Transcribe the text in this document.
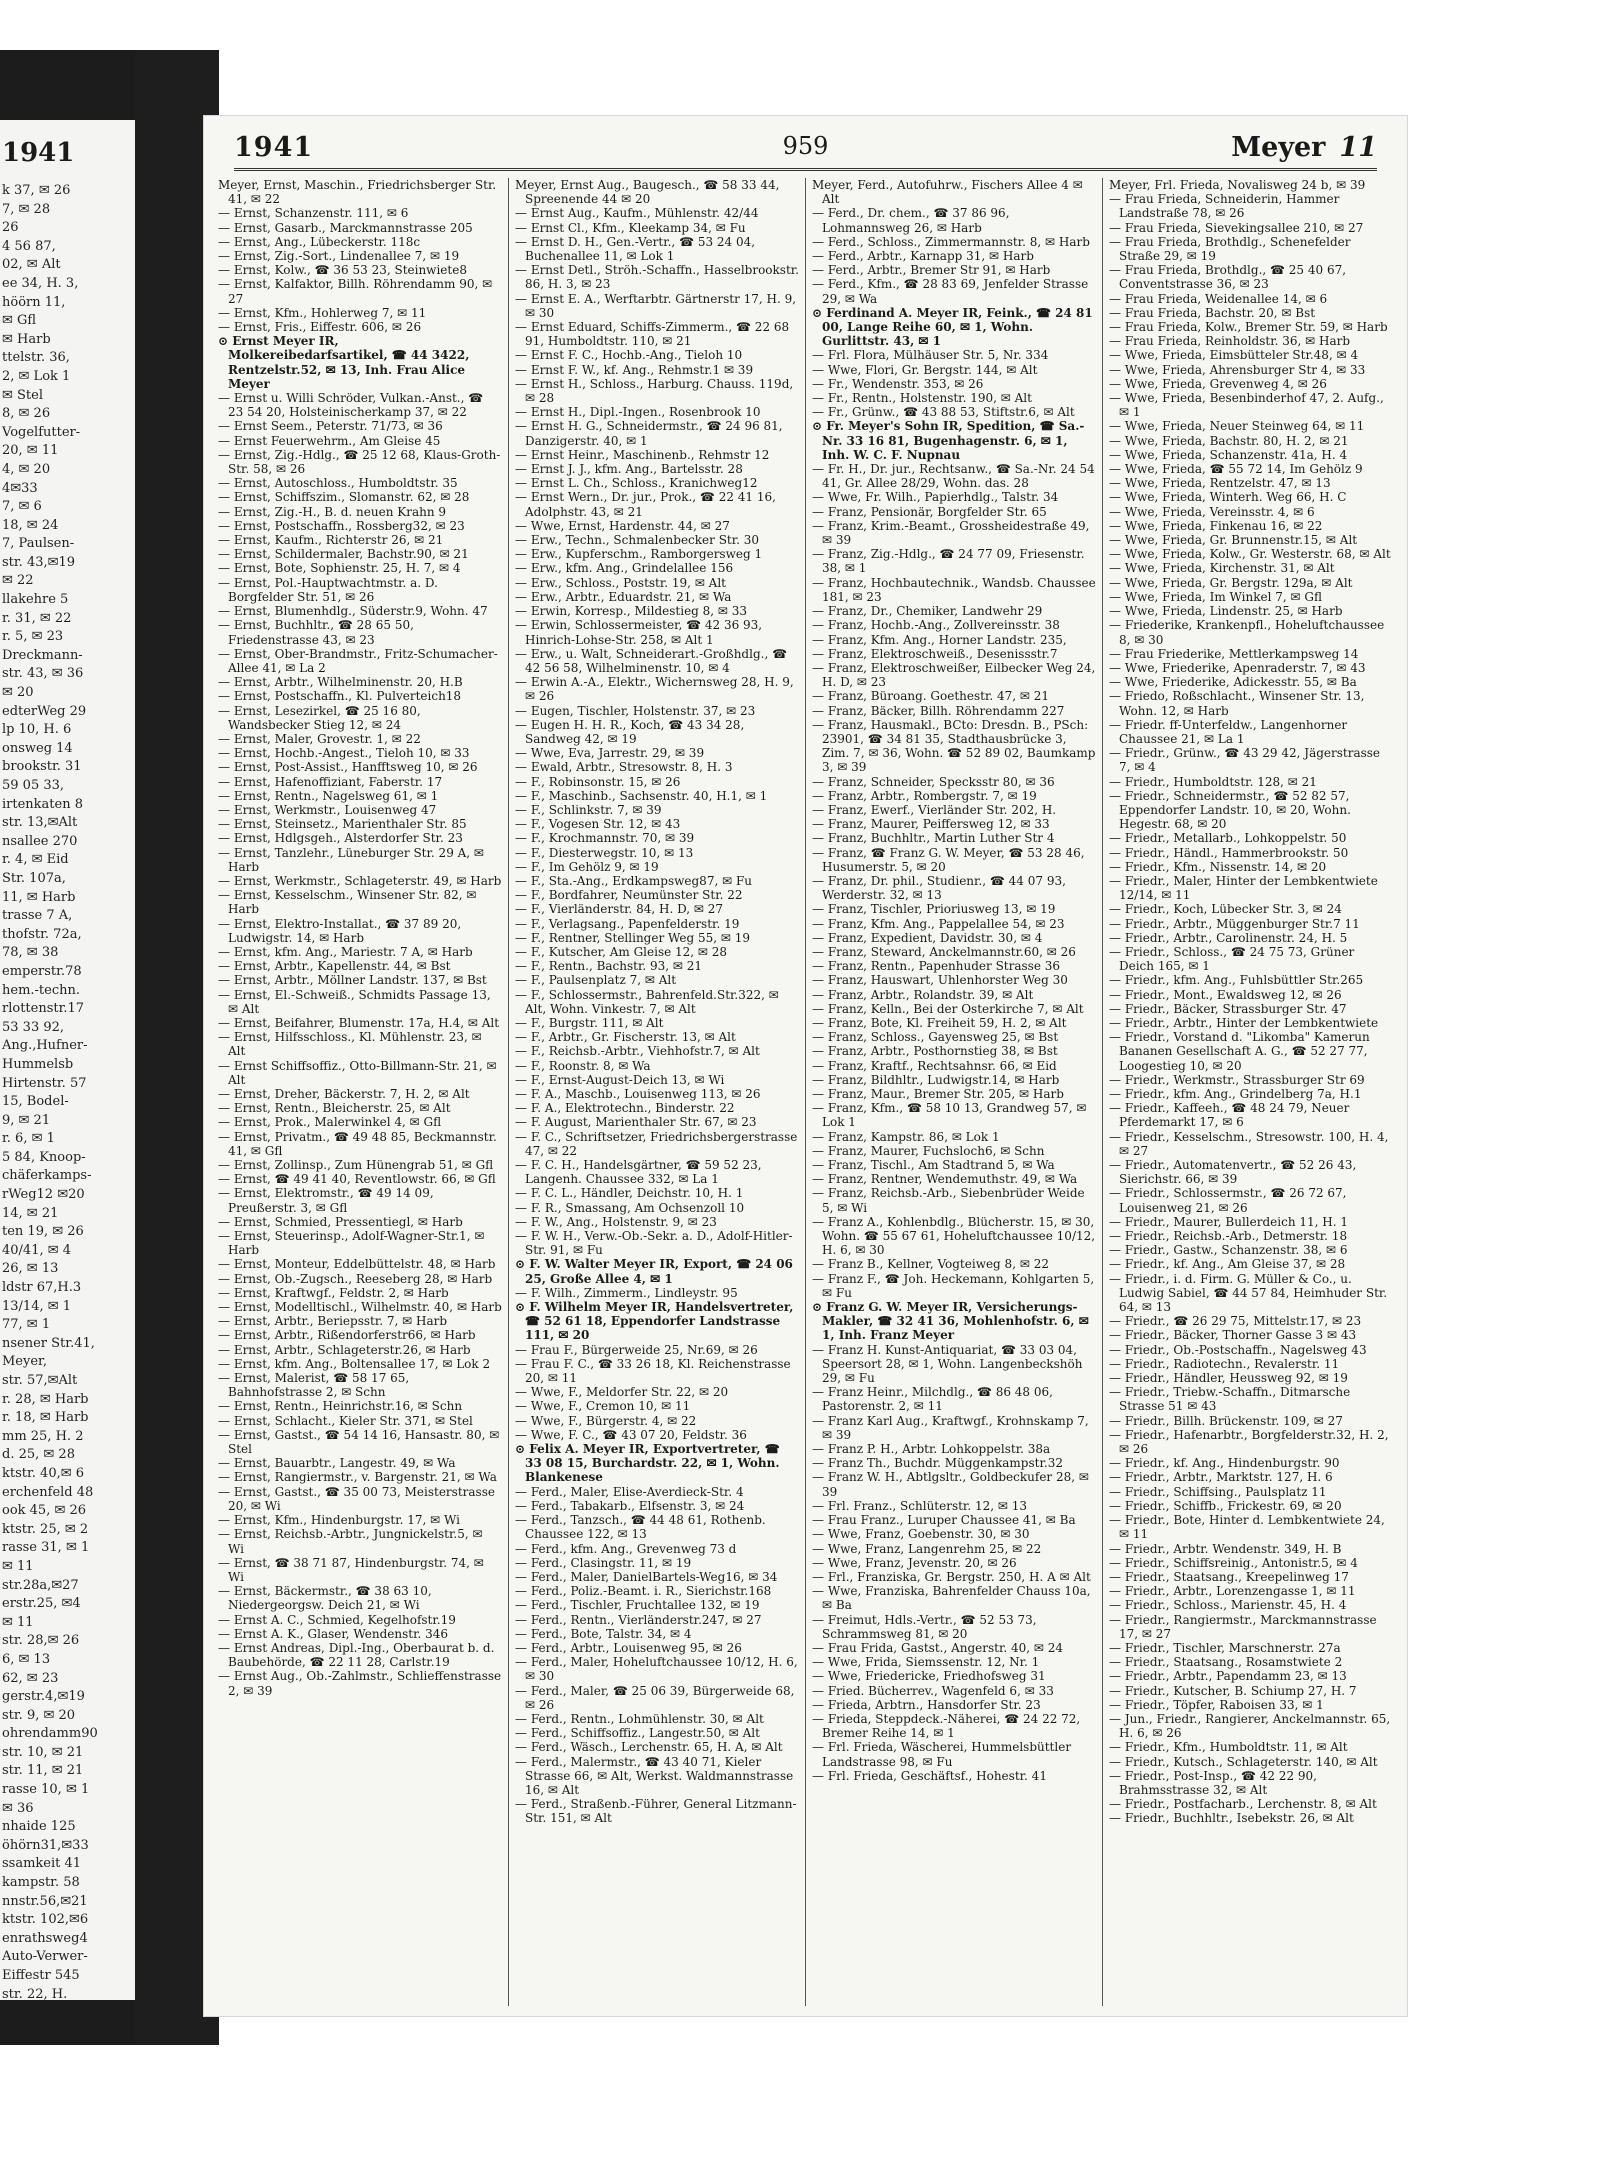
1941
k 37, ✉ 26
7, ✉ 28
26
4 56 87,
02, ✉ Alt
ee 34, H. 3,
höörn 11,
✉ Gfl
✉ Harb
ttelstr. 36,
2, ✉ Lok 1
✉ Stel
8, ✉ 26
Vogelfutter-
20, ✉ 11
4, ✉ 20
4✉33
7, ✉ 6
18, ✉ 24
7, Paulsen-
str. 43,✉19
✉ 22
llakehre 5
r. 31, ✉ 22
r. 5, ✉ 23
Dreckmann-
str. 43, ✉ 36
✉ 20
edterWeg 29
lp 10, H. 6
onsweg 14
brookstr. 31
59 05 33,
irtenkaten 8
str. 13,✉Alt
nsallee 270
r. 4, ✉ Eid
Str. 107a,
11, ✉ Harb
trasse 7 A,
thofstr. 72a,
78, ✉ 38
emperstr.78
hem.-techn.
rlottenstr.17
53 33 92,
Ang.,Hufner-
Hummelsb
Hirtenstr. 57
15, Bodel-
9, ✉ 21
r. 6, ✉ 1
5 84, Knoop-
chäferkamps-
rWeg12 ✉20
14, ✉ 21
ten 19, ✉ 26
40/41, ✉ 4
26, ✉ 13
ldstr 67,H.3
13/14, ✉ 1
77, ✉ 1
nsener Str.41,
Meyer,
str. 57,✉Alt
r. 28, ✉ Harb
r. 18, ✉ Harb
mm 25, H. 2
d. 25, ✉ 28
ktstr. 40,✉ 6
erchenfeld 48
ook 45, ✉ 26
ktstr. 25, ✉ 2
rasse 31, ✉ 1
✉ 11
str.28a,✉27
erstr.25, ✉4
✉ 11
str. 28,✉ 26
6, ✉ 13
62, ✉ 23
gerstr.4,✉19
str. 9, ✉ 20
ohrendamm90
str. 10, ✉ 21
str. 11, ✉ 21
rasse 10, ✉ 1
✉ 36
nhaide 125
öhörn31,✉33
ssamkeit 41
kampstr. 58
nnstr.56,✉21
ktstr. 102,✉6
enrathsweg4
Auto-Verwer-
Eiffestr 545
str. 22, H.
1941	959	Meyer 11

Meyer, Ernst, Maschin., Friedrichsberger Str. 41, ✉ 22

— Ernst, Schanzenstr. 111, ✉ 6

— Ernst, Gasarb., Marckmannstrasse 205

— Ernst, Ang., Lübeckerstr. 118c

— Ernst, Zig.-Sort., Lindenallee 7, ✉ 19

— Ernst, Kolw., ☎ 36 53 23, Steinwiete8

— Ernst, Kalfaktor, Billh. Röhrendamm 90, ✉ 27

— Ernst, Kfm., Hohlerweg 7, ✉ 11

— Ernst, Fris., Eiffestr. 606, ✉ 26

⊙ Ernst Meyer IR, Molkereibedarfsartikel, ☎ 44 3422, Rentzelstr.52, ✉ 13, Inh. Frau Alice Meyer

— Ernst u. Willi Schröder, Vulkan.-Anst., ☎ 23 54 20, Holsteinischerkamp 37, ✉ 22

— Ernst Seem., Peterstr. 71/73, ✉ 36

— Ernst Feuerwehrm., Am Gleise 45

— Ernst, Zig.-Hdlg., ☎ 25 12 68, Klaus-Groth-Str. 58, ✉ 26

— Ernst, Autoschloss., Humboldtstr. 35

— Ernst, Schiffszim., Slomanstr. 62, ✉ 28

— Ernst, Zig.-H., B. d. neuen Krahn 9

— Ernst, Postschaffn., Rossberg32, ✉ 23

— Ernst, Kaufm., Richterstr 26, ✉ 21

— Ernst, Schildermaler, Bachstr.90, ✉ 21

— Ernst, Bote, Sophienstr. 25, H. 7, ✉ 4

— Ernst, Pol.-Hauptwachtmstr. a. D. Borgfelder Str. 51, ✉ 26

— Ernst, Blumenhdlg., Süderstr.9, Wohn. 47

— Ernst, Buchhltr., ☎ 28 65 50, Friedenstrasse 43, ✉ 23

— Ernst, Ober-Brandmstr., Fritz-Schumacher-Allee 41, ✉ La 2

— Ernst, Arbtr., Wilhelminenstr. 20, H.B

— Ernst, Postschaffn., Kl. Pulverteich18

— Ernst, Lesezirkel, ☎ 25 16 80, Wandsbecker Stieg 12, ✉ 24

— Ernst, Maler, Grovestr. 1, ✉ 22

— Ernst, Hochb.-Angest., Tieloh 10, ✉ 33

— Ernst, Post-Assist., Hanfftsweg 10, ✉ 26

— Ernst, Hafenoffiziant, Faberstr. 17

— Ernst, Rentn., Nagelsweg 61, ✉ 1

— Ernst, Werkmstr., Louisenweg 47

— Ernst, Steinsetz., Marienthaler Str. 85

— Ernst, Hdlgsgeh., Alsterdorfer Str. 23

— Ernst, Tanzlehr., Lüneburger Str. 29 A, ✉ Harb

— Ernst, Werkmstr., Schlageterstr. 49, ✉ Harb

— Ernst, Kesselschm., Winsener Str. 82, ✉ Harb

— Ernst, Elektro-Installat., ☎ 37 89 20, Ludwigstr. 14, ✉ Harb

— Ernst, kfm. Ang., Mariestr. 7 A, ✉ Harb

— Ernst, Arbtr., Kapellenstr. 44, ✉ Bst

— Ernst, Arbtr., Möllner Landstr. 137, ✉ Bst

— Ernst, El.-Schweiß., Schmidts Passage 13, ✉ Alt

— Ernst, Beifahrer, Blumenstr. 17a, H.4, ✉ Alt

— Ernst, Hilfsschloss., Kl. Mühlenstr. 23, ✉ Alt

— Ernst Schiffsoffiz., Otto-Billmann-Str. 21, ✉ Alt

— Ernst, Dreher, Bäckerstr. 7, H. 2, ✉ Alt

— Ernst, Rentn., Bleicherstr. 25, ✉ Alt

— Ernst, Prok., Malerwinkel 4, ✉ Gfl

— Ernst, Privatm., ☎ 49 48 85, Beckmannstr. 41, ✉ Gfl

— Ernst, Zollinsp., Zum Hünengrab 51, ✉ Gfl

— Ernst, ☎ 49 41 40, Reventlowstr. 66, ✉ Gfl

— Ernst, Elektromstr., ☎ 49 14 09, Preußerstr. 3, ✉ Gfl

— Ernst, Schmied, Pressentiegl, ✉ Harb

— Ernst, Steuerinsp., Adolf-Wagner-Str.1, ✉ Harb

— Ernst, Monteur, Eddelbüttelstr. 48, ✉ Harb

— Ernst, Ob.-Zugsch., Reeseberg 28, ✉ Harb

— Ernst, Kraftwgf., Feldstr. 2, ✉ Harb

— Ernst, Modelltischl., Wilhelmstr. 40, ✉ Harb

— Ernst, Arbtr., Beriepsstr. 7, ✉ Harb

— Ernst, Arbtr., Rißendorferstr66, ✉ Harb

— Ernst, Arbtr., Schlageterstr.26, ✉ Harb

— Ernst, kfm. Ang., Boltensallee 17, ✉ Lok 2

— Ernst, Malerist, ☎ 58 17 65, Bahnhofstrasse 2, ✉ Schn

— Ernst, Rentn., Heinrichstr.16, ✉ Schn

— Ernst, Schlacht., Kieler Str. 371, ✉ Stel

— Ernst, Gastst., ☎ 54 14 16, Hansastr. 80, ✉ Stel

— Ernst, Bauarbtr., Langestr. 49, ✉ Wa

— Ernst, Rangiermstr., v. Bargenstr. 21, ✉ Wa

— Ernst, Gastst., ☎ 35 00 73, Meisterstrasse 20, ✉ Wi

— Ernst, Kfm., Hindenburgstr. 17, ✉ Wi

— Ernst, Reichsb.-Arbtr., Jungnickelstr.5, ✉ Wi

— Ernst, ☎ 38 71 87, Hindenburgstr. 74, ✉ Wi

— Ernst, Bäckermstr., ☎ 38 63 10, Niedergeorgsw. Deich 21, ✉ Wi

— Ernst A. C., Schmied, Kegelhofstr.19

— Ernst A. K., Glaser, Wendenstr. 346

— Ernst Andreas, Dipl.-Ing., Oberbaurat b. d. Baubehörde, ☎ 22 11 28, Carlstr.19

— Ernst Aug., Ob.-Zahlmstr., Schlieffenstrasse 2, ✉ 39

Meyer, Ernst Aug., Baugesch., ☎ 58 33 44, Spreenende 44 ✉ 20

— Ernst Aug., Kaufm., Mühlenstr. 42/44

— Ernst Cl., Kfm., Kleekamp 34, ✉ Fu

— Ernst D. H., Gen.-Vertr., ☎ 53 24 04, Buchenallee 11, ✉ Lok 1

— Ernst Detl., Ströh.-Schaffn., Hasselbrookstr. 86, H. 3, ✉ 23

— Ernst E. A., Werftarbtr. Gärtnerstr 17, H. 9, ✉ 30

— Ernst Eduard, Schiffs-Zimmerm., ☎ 22 68 91, Humboldtstr. 110, ✉ 21

— Ernst F. C., Hochb.-Ang., Tieloh 10

— Ernst F. W., kf. Ang., Rehmstr.1 ✉ 39

— Ernst H., Schloss., Harburg. Chauss. 119d, ✉ 28

— Ernst H., Dipl.-Ingen., Rosenbrook 10

— Ernst H. G., Schneidermstr., ☎ 24 96 81, Danzigerstr. 40, ✉ 1

— Ernst Heinr., Maschinenb., Rehmstr 12

— Ernst J. J., kfm. Ang., Bartelsstr. 28

— Ernst L. Ch., Schloss., Kranichweg12

— Ernst Wern., Dr. jur., Prok., ☎ 22 41 16, Adolphstr. 43, ✉ 21

— Wwe, Ernst, Hardenstr. 44, ✉ 27

— Erw., Techn., Schmalenbecker Str. 30

— Erw., Kupferschm., Ramborgersweg 1

— Erw., kfm. Ang., Grindelallee 156

— Erw., Schloss., Poststr. 19, ✉ Alt

— Erw., Arbtr., Eduardstr. 21, ✉ Wa

— Erwin, Korresp., Mildestieg 8, ✉ 33

— Erwin, Schlossermeister, ☎ 42 36 93, Hinrich-Lohse-Str. 258, ✉ Alt 1

— Erw., u. Walt, Schneiderart.-Großhdlg., ☎ 42 56 58, Wilhelminenstr. 10, ✉ 4

— Erwin A.-A., Elektr., Wichernsweg 28, H. 9, ✉ 26

— Eugen, Tischler, Holstenstr. 37, ✉ 23

— Eugen H. H. R., Koch, ☎ 43 34 28, Sandweg 42, ✉ 19

— Wwe, Eva, Jarrestr. 29, ✉ 39

— Ewald, Arbtr., Stresowstr. 8, H. 3

— F., Robinsonstr. 15, ✉ 26

— F., Maschinb., Sachsenstr. 40, H.1, ✉ 1

— F., Schlinkstr. 7, ✉ 39

— F., Vogesen Str. 12, ✉ 43

— F., Krochmannstr. 70, ✉ 39

— F., Diesterwegstr. 10, ✉ 13

— F., Im Gehölz 9, ✉ 19

— F., Sta.-Ang., Erdkampsweg87, ✉ Fu

— F., Bordfahrer, Neumünster Str. 22

— F., Vierländerstr. 84, H. D, ✉ 27

— F., Verlagsang., Papenfelderstr. 19

— F., Rentner, Stellinger Weg 55, ✉ 19

— F., Kutscher, Am Gleise 12, ✉ 28

— F., Rentn., Bachstr. 93, ✉ 21

— F., Paulsenplatz 7, ✉ Alt

— F., Schlossermstr., Bahrenfeld.Str.322, ✉ Alt, Wohn. Vinkestr. 7, ✉ Alt

— F., Burgstr. 111, ✉ Alt

— F., Arbtr., Gr. Fischerstr. 13, ✉ Alt

— F., Reichsb.-Arbtr., Viehhofstr.7, ✉ Alt

— F., Roonstr. 8, ✉ Wa

— F., Ernst-August-Deich 13, ✉ Wi

— F. A., Maschb., Louisenweg 113, ✉ 26

— F. A., Elektrotechn., Binderstr. 22

— F. August, Marienthaler Str. 67, ✉ 23

— F. C., Schriftsetzer, Friedrichsbergerstrasse 47, ✉ 22

— F. C. H., Handelsgärtner, ☎ 59 52 23, Langenh. Chaussee 332, ✉ La 1

— F. C. L., Händler, Deichstr. 10, H. 1

— F. R., Smassang, Am Ochsenzoll 10

— F. W., Ang., Holstenstr. 9, ✉ 23

— F. W. H., Verw.-Ob.-Sekr. a. D., Adolf-Hitler-Str. 91, ✉ Fu

⊙ F. W. Walter Meyer IR, Export, ☎ 24 06 25, Große Allee 4, ✉ 1

— F. Wilh., Zimmerm., Lindleystr. 95

⊙ F. Wilhelm Meyer IR, Handelsvertreter, ☎ 52 61 18, Eppendorfer Landstrasse 111, ✉ 20

— Frau F., Bürgerweide 25, Nr.69, ✉ 26

— Frau F. C., ☎ 33 26 18, Kl. Reichenstrasse 20, ✉ 11

— Wwe, F., Meldorfer Str. 22, ✉ 20

— Wwe, F., Cremon 10, ✉ 11

— Wwe, F., Bürgerstr. 4, ✉ 22

— Wwe, F. C., ☎ 43 07 20, Feldstr. 36

⊙ Felix A. Meyer IR, Exportvertreter, ☎ 33 08 15, Burchardstr. 22, ✉ 1, Wohn. Blankenese

— Ferd., Maler, Elise-Averdieck-Str. 4

— Ferd., Tabakarb., Elfsenstr. 3, ✉ 24

— Ferd., Tanzsch., ☎ 44 48 61, Rothenb. Chaussee 122, ✉ 13

— Ferd., kfm. Ang., Grevenweg 73 d

— Ferd., Clasingstr. 11, ✉ 19

— Ferd., Maler, DanielBartels-Weg16, ✉ 34

— Ferd., Poliz.-Beamt. i. R., Sierichstr.168

— Ferd., Tischler, Fruchtallee 132, ✉ 19

— Ferd., Rentn., Vierländerstr.247, ✉ 27

— Ferd., Bote, Talstr. 34, ✉ 4

— Ferd., Arbtr., Louisenweg 95, ✉ 26

— Ferd., Maler, Hoheluftchaussee 10/12, H. 6, ✉ 30

— Ferd., Maler, ☎ 25 06 39, Bürgerweide 68, ✉ 26

— Ferd., Rentn., Lohmühlenstr. 30, ✉ Alt

— Ferd., Schiffsoffiz., Langestr.50, ✉ Alt

— Ferd., Wäsch., Lerchenstr. 65, H. A, ✉ Alt

— Ferd., Malermstr., ☎ 43 40 71, Kieler Strasse 66, ✉ Alt, Werkst. Waldmannstrasse 16, ✉ Alt

— Ferd., Straßenb.-Führer, General Litzmann-Str. 151, ✉ Alt

Meyer, Ferd., Autofuhrw., Fischers Allee 4 ✉ Alt

— Ferd., Dr. chem., ☎ 37 86 96, Lohmannsweg 26, ✉ Harb

— Ferd., Schloss., Zimmermannstr. 8, ✉ Harb

— Ferd., Arbtr., Karnapp 31, ✉ Harb

— Ferd., Arbtr., Bremer Str 91, ✉ Harb

— Ferd., Kfm., ☎ 28 83 69, Jenfelder Strasse 29, ✉ Wa

⊙ Ferdinand A. Meyer IR, Feink., ☎ 24 81 00, Lange Reihe 60, ✉ 1, Wohn. Gurlittstr. 43, ✉ 1

— Frl. Flora, Mülhäuser Str. 5, Nr. 334

— Wwe, Flori, Gr. Bergstr. 144, ✉ Alt

— Fr., Wendenstr. 353, ✉ 26

— Fr., Rentn., Holstenstr. 190, ✉ Alt

— Fr., Grünw., ☎ 43 88 53, Stiftstr.6, ✉ Alt

⊙ Fr. Meyer's Sohn IR, Spedition, ☎ Sa.-Nr. 33 16 81, Bugenhagenstr. 6, ✉ 1, Inh. W. C. F. Nupnau

— Fr. H., Dr. jur., Rechtsanw., ☎ Sa.-Nr. 24 54 41, Gr. Allee 28/29, Wohn. das. 28

— Wwe, Fr. Wilh., Papierhdlg., Talstr. 34

— Franz, Pensionär, Borgfelder Str. 65

— Franz, Krim.-Beamt., Grossheidestraße 49, ✉ 39

— Franz, Zig.-Hdlg., ☎ 24 77 09, Friesenstr. 38, ✉ 1

— Franz, Hochbautechnik., Wandsb. Chaussee 181, ✉ 23

— Franz, Dr., Chemiker, Landwehr 29

— Franz, Hochb.-Ang., Zollvereinsstr. 38

— Franz, Kfm. Ang., Horner Landstr. 235,

— Franz, Elektroschweiß., Desenissstr.7

— Franz, Elektroschweißer, Eilbecker Weg 24, H. D, ✉ 23

— Franz, Büroang. Goethestr. 47, ✉ 21

— Franz, Bäcker, Billh. Röhrendamm 227

— Franz, Hausmakl., BCto: Dresdn. B., PSch: 23901, ☎ 34 81 35, Stadthausbrücke 3, Zim. 7, ✉ 36, Wohn. ☎ 52 89 02, Baumkamp 3, ✉ 39

— Franz, Schneider, Specksstr 80, ✉ 36

— Franz, Arbtr., Rombergstr. 7, ✉ 19

— Franz, Ewerf., Vierländer Str. 202, H.

— Franz, Maurer, Peiffersweg 12, ✉ 33

— Franz, Buchhltr., Martin Luther Str 4

— Franz, ☎ Franz G. W. Meyer, ☎ 53 28 46, Husumerstr. 5, ✉ 20

— Franz, Dr. phil., Studienr., ☎ 44 07 93, Werderstr. 32, ✉ 13

— Franz, Tischler, Prioriusweg 13, ✉ 19

— Franz, Kfm. Ang., Pappelallee 54, ✉ 23

— Franz, Expedient, Davidstr. 30, ✉ 4

— Franz, Steward, Anckelmannstr.60, ✉ 26

— Franz, Rentn., Papenhuder Strasse 36

— Franz, Hauswart, Uhlenhorster Weg 30

— Franz, Arbtr., Rolandstr. 39, ✉ Alt

— Franz, Kelln., Bei der Osterkirche 7, ✉ Alt

— Franz, Bote, Kl. Freiheit 59, H. 2, ✉ Alt

— Franz, Schloss., Gayensweg 25, ✉ Bst

— Franz, Arbtr., Posthornstieg 38, ✉ Bst

— Franz, Kraftf., Rechtsahnsr. 66, ✉ Eid

— Franz, Bildhltr., Ludwigstr.14, ✉ Harb

— Franz, Maur., Bremer Str. 205, ✉ Harb

— Franz, Kfm., ☎ 58 10 13, Grandweg 57, ✉ Lok 1

— Franz, Kampstr. 86, ✉ Lok 1

— Franz, Maurer, Fuchsloch6, ✉ Schn

— Franz, Tischl., Am Stadtrand 5, ✉ Wa

— Franz, Rentner, Wendemuthstr. 49, ✉ Wa

— Franz, Reichsb.-Arb., Siebenbrüder Weide 5, ✉ Wi

— Franz A., Kohlenbdlg., Blücherstr. 15, ✉ 30, Wohn. ☎ 55 67 61, Hoheluftchaussee 10/12, H. 6, ✉ 30

— Franz B., Kellner, Vogteiweg 8, ✉ 22

— Franz F., ☎ Joh. Heckemann, Kohlgarten 5, ✉ Fu

⊙ Franz G. W. Meyer IR, Versicherungs-Makler, ☎ 32 41 36, Mohlenhofstr. 6, ✉ 1, Inh. Franz Meyer

— Franz H. Kunst-Antiquariat, ☎ 33 03 04, Speersort 28, ✉ 1, Wohn. Langenbeckshöh 29, ✉ Fu

— Franz Heinr., Milchdlg., ☎ 86 48 06, Pastorenstr. 2, ✉ 11

— Franz Karl Aug., Kraftwgf., Krohnskamp 7, ✉ 39

— Franz P. H., Arbtr. Lohkoppelstr. 38a

— Franz Th., Buchdr. Müggenkampstr.32

— Franz W. H., Abtlgsltr., Goldbeckufer 28, ✉ 39

— Frl. Franz., Schlüterstr. 12, ✉ 13

— Frau Franz., Luruper Chaussee 41, ✉ Ba

— Wwe, Franz, Goebenstr. 30, ✉ 30

— Wwe, Franz, Langenrehm 25, ✉ 22

— Wwe, Franz, Jevenstr. 20, ✉ 26

— Frl., Franziska, Gr. Bergstr. 250, H. A ✉ Alt

— Wwe, Franziska, Bahrenfelder Chauss 10a, ✉ Ba

— Freimut, Hdls.-Vertr., ☎ 52 53 73, Schrammsweg 81, ✉ 20

— Frau Frida, Gastst., Angerstr. 40, ✉ 24

— Wwe, Frida, Siemssenstr. 12, Nr. 1

— Wwe, Friedericke, Friedhofsweg 31

— Fried. Bücherrev., Wagenfeld 6, ✉ 33

— Frieda, Arbtrn., Hansdorfer Str. 23

— Frieda, Steppdeck.-Näherei, ☎ 24 22 72, Bremer Reihe 14, ✉ 1

— Frl. Frieda, Wäscherei, Hummelsbüttler Landstrasse 98, ✉ Fu

— Frl. Frieda, Geschäftsf., Hohestr. 41

Meyer, Frl. Frieda, Novalisweg 24 b, ✉ 39

— Frau Frieda, Schneiderin, Hammer Landstraße 78, ✉ 26

— Frau Frieda, Sievekingsallee 210, ✉ 27

— Frau Frieda, Brothdlg., Schenefelder Straße 29, ✉ 19

— Frau Frieda, Brothdlg., ☎ 25 40 67, Conventstrasse 36, ✉ 23

— Frau Frieda, Weidenallee 14, ✉ 6

— Frau Frieda, Bachstr. 20, ✉ Bst

— Frau Frieda, Kolw., Bremer Str. 59, ✉ Harb

— Frau Frieda, Reinholdstr. 36, ✉ Harb

— Wwe, Frieda, Eimsbütteler Str.48, ✉ 4

— Wwe, Frieda, Ahrensburger Str 4, ✉ 33

— Wwe, Frieda, Grevenweg 4, ✉ 26

— Wwe, Frieda, Besenbinderhof 47, 2. Aufg., ✉ 1

— Wwe, Frieda, Neuer Steinweg 64, ✉ 11

— Wwe, Frieda, Bachstr. 80, H. 2, ✉ 21

— Wwe, Frieda, Schanzenstr. 41a, H. 4

— Wwe, Frieda, ☎ 55 72 14, Im Gehölz 9

— Wwe, Frieda, Rentzelstr. 47, ✉ 13

— Wwe, Frieda, Winterh. Weg 66, H. C

— Wwe, Frieda, Vereinsstr. 4, ✉ 6

— Wwe, Frieda, Finkenau 16, ✉ 22

— Wwe, Frieda, Gr. Brunnenstr.15, ✉ Alt

— Wwe, Frieda, Kolw., Gr. Westerstr. 68, ✉ Alt

— Wwe, Frieda, Kirchenstr. 31, ✉ Alt

— Wwe, Frieda, Gr. Bergstr. 129a, ✉ Alt

— Wwe, Frieda, Im Winkel 7, ✉ Gfl

— Wwe, Frieda, Lindenstr. 25, ✉ Harb

— Friederike, Krankenpfl., Hoheluftchaussee 8, ✉ 30

— Frau Friederike, Mettlerkampsweg 14

— Wwe, Friederike, Apenraderstr. 7, ✉ 43

— Wwe, Friederike, Adickesstr. 55, ✉ Ba

— Friedo, Roßschlacht., Winsener Str. 13, Wohn. 12, ✉ Harb

— Friedr. ff-Unterfeldw., Langenhorner Chaussee 21, ✉ La 1

— Friedr., Grünw., ☎ 43 29 42, Jägerstrasse 7, ✉ 4

— Friedr., Humboldtstr. 128, ✉ 21

— Friedr., Schneidermstr., ☎ 52 82 57, Eppendorfer Landstr. 10, ✉ 20, Wohn. Hegestr. 68, ✉ 20

— Friedr., Metallarb., Lohkoppelstr. 50

— Friedr., Händl., Hammerbrookstr. 50

— Friedr., Kfm., Nissenstr. 14, ✉ 20

— Friedr., Maler, Hinter der Lembkentwiete 12/14, ✉ 11

— Friedr., Koch, Lübecker Str. 3, ✉ 24

— Friedr., Arbtr., Müggenburger Str.7 11

— Friedr., Arbtr., Carolinenstr. 24, H. 5

— Friedr., Schloss., ☎ 24 75 73, Grüner Deich 165, ✉ 1

— Friedr., kfm. Ang., Fuhlsbüttler Str.265

— Friedr., Mont., Ewaldsweg 12, ✉ 26

— Friedr., Bäcker, Strassburger Str. 47

— Friedr., Arbtr., Hinter der Lembkentwiete

— Friedr., Vorstand d. "Likomba" Kamerun Bananen Gesellschaft A. G., ☎ 52 27 77, Loogestieg 10, ✉ 20

— Friedr., Werkmstr., Strassburger Str 69

— Friedr., kfm. Ang., Grindelberg 7a, H.1

— Friedr., Kaffeeh., ☎ 48 24 79, Neuer Pferdemarkt 17, ✉ 6

— Friedr., Kesselschm., Stresowstr. 100, H. 4, ✉ 27

— Friedr., Automatenvertr., ☎ 52 26 43, Sierichstr. 66, ✉ 39

— Friedr., Schlossermstr., ☎ 26 72 67, Louisenweg 21, ✉ 26

— Friedr., Maurer, Bullerdeich 11, H. 1

— Friedr., Reichsb.-Arb., Detmerstr. 18

— Friedr., Gastw., Schanzenstr. 38, ✉ 6

— Friedr., kf. Ang., Am Gleise 37, ✉ 28

— Friedr., i. d. Firm. G. Müller & Co., u. Ludwig Sabiel, ☎ 44 57 84, Heimhuder Str. 64, ✉ 13

— Friedr., ☎ 26 29 75, Mittelstr.17, ✉ 23

— Friedr., Bäcker, Thorner Gasse 3 ✉ 43

— Friedr., Ob.-Postschaffn., Nagelsweg 43

— Friedr., Radiotechn., Revalerstr. 11

— Friedr., Händler, Heussweg 92, ✉ 19

— Friedr., Triebw.-Schaffn., Ditmarsche Strasse 51 ✉ 43

— Friedr., Billh. Brückenstr. 109, ✉ 27

— Friedr., Hafenarbtr., Borgfelderstr.32, H. 2, ✉ 26

— Friedr., kf. Ang., Hindenburgstr. 90

— Friedr., Arbtr., Marktstr. 127, H. 6

— Friedr., Schiffsing., Paulsplatz 11

— Friedr., Schiffb., Frickestr. 69, ✉ 20

— Friedr., Bote, Hinter d. Lembkentwiete 24, ✉ 11

— Friedr., Arbtr. Wendenstr. 349, H. B

— Friedr., Schiffsreinig., Antonistr.5, ✉ 4

— Friedr., Staatsang., Kreepelinweg 17

— Friedr., Arbtr., Lorenzengasse 1, ✉ 11

— Friedr., Schloss., Marienstr. 45, H. 4

— Friedr., Rangiermstr., Marckmannstrasse 17, ✉ 27

— Friedr., Tischler, Marschnerstr. 27a

— Friedr., Staatsang., Rosamstwiete 2

— Friedr., Arbtr., Papendamm 23, ✉ 13

— Friedr., Kutscher, B. Schiump 27, H. 7

— Friedr., Töpfer, Raboisen 33, ✉ 1

— Jun., Friedr., Rangierer, Anckelmannstr. 65, H. 6, ✉ 26

— Friedr., Kfm., Humboldtstr. 11, ✉ Alt

— Friedr., Kutsch., Schlageterstr. 140, ✉ Alt

— Friedr., Post-Insp., ☎ 42 22 90, Brahmsstrasse 32, ✉ Alt

— Friedr., Postfacharb., Lerchenstr. 8, ✉ Alt

— Friedr., Buchhltr., Isebekstr. 26, ✉ Alt
